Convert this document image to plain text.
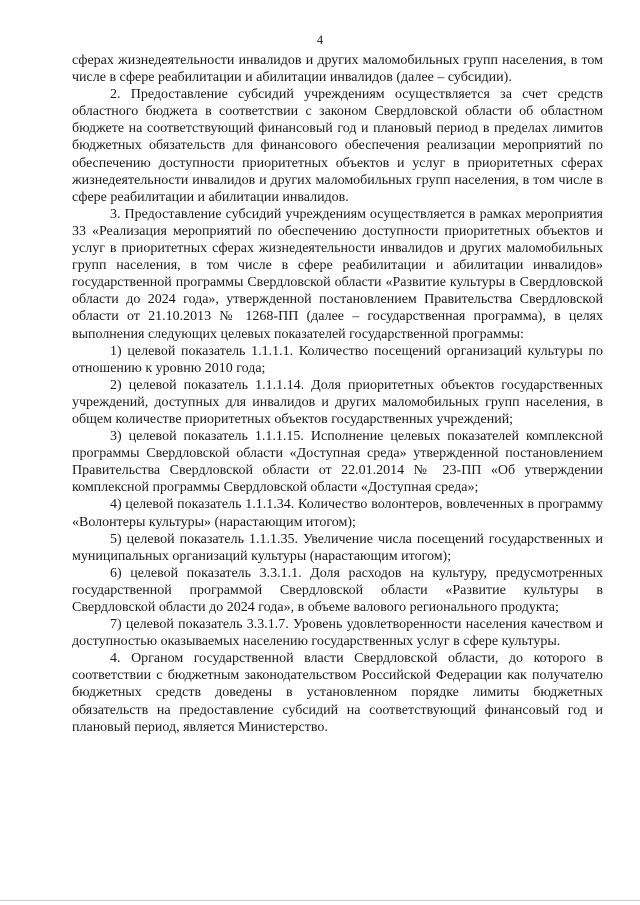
4

сферах жизнедеятельности инвалидов и других маломобильных групп населения, в том числе в сфере реабилитации и абилитации инвалидов (далее – субсидии).

2. Предоставление субсидий учреждениям осуществляется за счет средств областного бюджета в соответствии с законом Свердловской области об областном бюджете на соответствующий финансовый год и плановый период в пределах лимитов бюджетных обязательств для финансового обеспечения реализации мероприятий по обеспечению доступности приоритетных объектов и услуг в приоритетных сферах жизнедеятельности инвалидов и других маломобильных групп населения, в том числе в сфере реабилитации и абилитации инвалидов.

3. Предоставление субсидий учреждениям осуществляется в рамках мероприятия 33 «Реализация мероприятий по обеспечению доступности приоритетных объектов и услуг в приоритетных сферах жизнедеятельности инвалидов и других маломобильных групп населения, в том числе в сфере реабилитации и абилитации инвалидов» государственной программы Свердловской области «Развитие культуры в Свердловской области до 2024 года», утвержденной постановлением Правительства Свердловской области от 21.10.2013 № 1268-ПП (далее – государственная программа), в целях выполнения следующих целевых показателей государственной программы:

1) целевой показатель 1.1.1.1. Количество посещений организаций культуры по отношению к уровню 2010 года;

2) целевой показатель 1.1.1.14. Доля приоритетных объектов государственных учреждений, доступных для инвалидов и других маломобильных групп населения, в общем количестве приоритетных объектов государственных учреждений;

3) целевой показатель 1.1.1.15. Исполнение целевых показателей комплексной программы Свердловской области «Доступная среда» утвержденной постановлением Правительства Свердловской области от 22.01.2014 № 23-ПП «Об утверждении комплексной программы Свердловской области «Доступная среда»;

4) целевой показатель 1.1.1.34. Количество волонтеров, вовлеченных в программу «Волонтеры культуры» (нарастающим итогом);

5) целевой показатель 1.1.1.35. Увеличение числа посещений государственных и муниципальных организаций культуры (нарастающим итогом);

6) целевой показатель 3.3.1.1. Доля расходов на культуру, предусмотренных государственной программой Свердловской области «Развитие культуры в Свердловской области до 2024 года», в объеме валового регионального продукта;

7) целевой показатель 3.3.1.7. Уровень удовлетворенности населения качеством и доступностью оказываемых населению государственных услуг в сфере культуры.

4. Органом государственной власти Свердловской области, до которого в соответствии с бюджетным законодательством Российской Федерации как получателю бюджетных средств доведены в установленном порядке лимиты бюджетных обязательств на предоставление субсидий на соответствующий финансовый год и плановый период, является Министерство.
